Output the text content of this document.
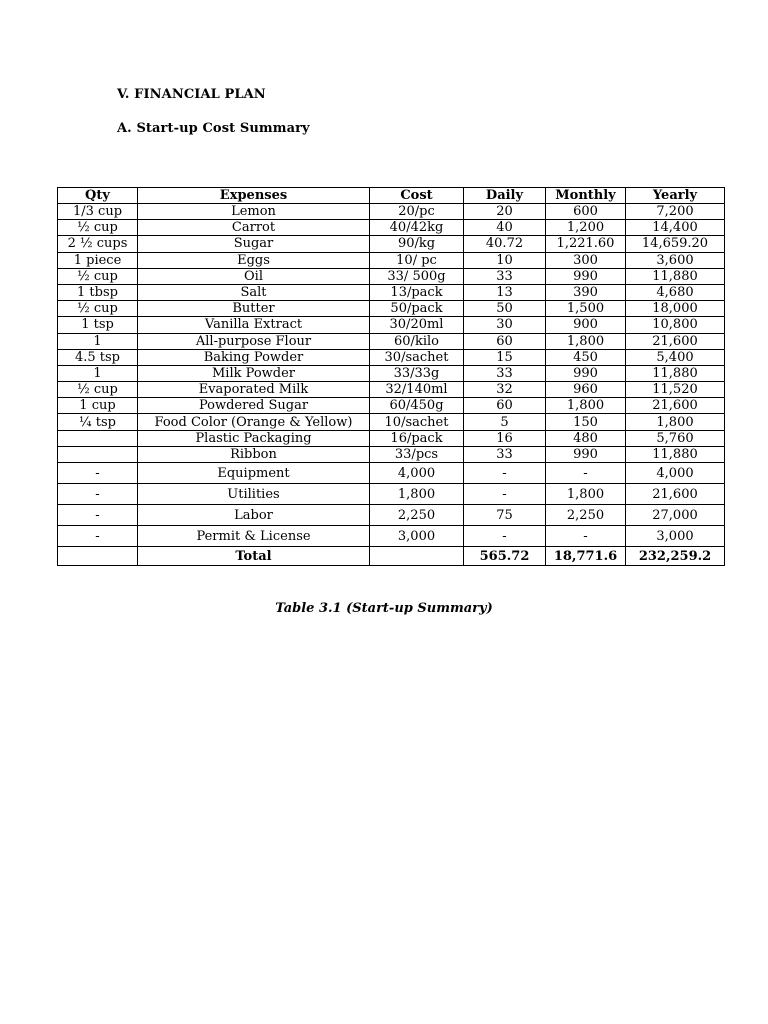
V. FINANCIAL PLAN
A. Start-up Cost Summary
Qty	Expenses	Cost	Daily	Monthly	Yearly
1/3 cup	Lemon	20/pc	20	600	7,200
½ cup	Carrot	40/42kg	40	1,200	14,400
2 ½ cups	Sugar	90/kg	40.72	1,221.60	14,659.20
1 piece	Eggs	10/ pc	10	300	3,600
½ cup	Oil	33/ 500g	33	990	11,880
1 tbsp	Salt	13/pack	13	390	4,680
½ cup	Butter	50/pack	50	1,500	18,000
1 tsp	Vanilla Extract	30/20ml	30	900	10,800
1	All-purpose Flour	60/kilo	60	1,800	21,600
4.5 tsp	Baking Powder	30/sachet	15	450	5,400
1	Milk Powder	33/33g	33	990	11,880
½ cup	Evaporated Milk	32/140ml	32	960	11,520
1 cup	Powdered Sugar	60/450g	60	1,800	21,600
¼ tsp	Food Color (Orange & Yellow)	10/sachet	5	150	1,800
	Plastic Packaging	16/pack	16	480	5,760
	Ribbon	33/pcs	33	990	11,880
-	Equipment	4,000	-	-	4,000
-	Utilities	1,800	-	1,800	21,600
-	Labor	2,250	75	2,250	27,000
-	Permit & License	3,000	-	-	3,000
	Total		565.72	18,771.6	232,259.2
Table 3.1 (Start-up Summary)
